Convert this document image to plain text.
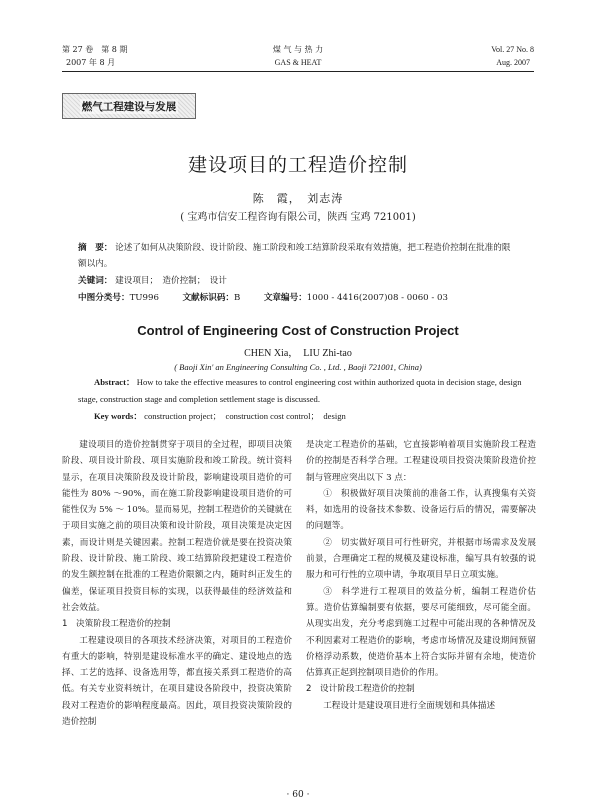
第 27 卷　第 8 期
2007 年 8 月
煤 气 与 热 力
GAS & HEAT
Vol. 27 No. 8
Aug. 2007
燃气工程建设与发展
建设项目的工程造价控制
陈　霞，　刘志涛
( 宝鸡市信安工程咨询有限公司，陕西 宝鸡 721001)
摘　要： 论述了如何从决策阶段、设计阶段、施工阶段和竣工结算阶段采取有效措施，把工程造价控制在批准的限额以内。
关键词： 建设项目；　造价控制；　设计
中图分类号：TU996	文献标识码：B	文章编号：1000 - 4416(2007)08 - 0060 - 03
Control of Engineering Cost of Construction Project
CHEN Xia，　LIU Zhi-tao
( Baoji Xin' an Engineering Consulting Co. , Ltd. , Baoji 721001, China)
Abstract： How to take the effective measures to control engineering cost within authorized quota in decision stage, design stage, construction stage and completion settlement stage is discussed.
Key words： construction project；　construction cost control；　design

建设项目的造价控制贯穿于项目的全过程，即项目决策阶段、项目设计阶段、项目实施阶段和竣工阶段。统计资料显示，在项目决策阶段及设计阶段，影响建设项目造价的可能性为 80% ～90%，而在施工阶段影响建设项目造价的可能性仅为 5% ～ 10%。显而易见，控制工程造价的关键就在于项目实施之前的项目决策和设计阶段，项目决策是决定因素，而设计则是关键因素。控制工程造价就是要在投资决策阶段、设计阶段、施工阶段、竣工结算阶段把建设工程造价的发生额控制在批准的工程造价限额之内，随时纠正发生的偏差，保证项目投资目标的实现，以获得最佳的经济效益和社会效益。

1　决策阶段工程造价的控制

工程建设项目的各项技术经济决策，对项目的工程造价有重大的影响，特别是建设标准水平的确定、建设地点的选择、工艺的选择、设备选用等，都直接关系到工程造价的高低。有关专业资料统计，在项目建设各阶段中，投资决策阶段对工程造价的影响程度最高。因此，项目投资决策阶段的造价控制

是决定工程造价的基础，它直接影响着项目实施阶段工程造价的控制是否科学合理。工程建设项目投资决策阶段造价控制与管理应突出以下 3 点：

①　积极做好项目决策前的准备工作，认真搜集有关资料，如选用的设备技术参数、设备运行后的情况，需要解决的问题等。

②　切实做好项目可行性研究，并根据市场需求及发展前景，合理确定工程的规模及建设标准，编写具有较强的说服力和可行性的立项申请，争取项目早日立项实施。

③　科学进行工程项目的效益分析，编制工程造价估算。造价估算编制要有依据，要尽可能细致，尽可能全面。从现实出发，充分考虑到施工过程中可能出现的各种情况及不利因素对工程造价的影响，考虑市场情况及建设期间预留价格浮动系数，使造价基本上符合实际并留有余地，使造价估算真正起到控制项目造价的作用。

2　设计阶段工程造价的控制

工程设计是建设项目进行全面规划和具体描述

· 60 ·
